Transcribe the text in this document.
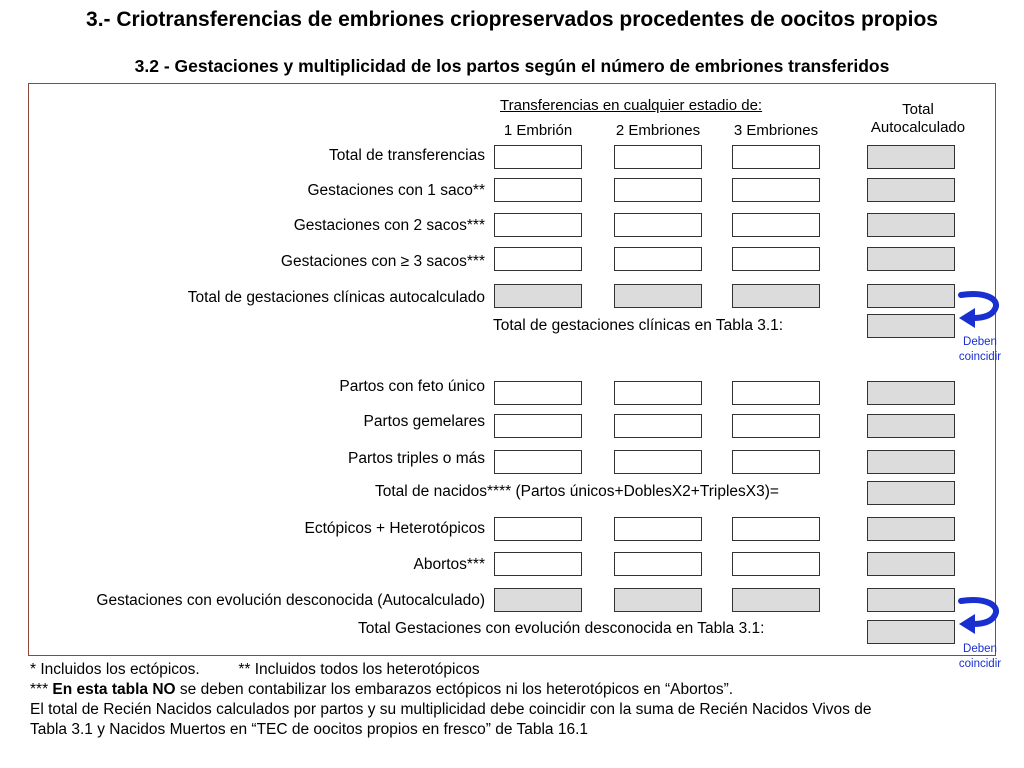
3.- Criotransferencias de embriones criopreservados procedentes de oocitos propios
3.2 - Gestaciones y multiplicidad de los partos según el número de embriones transferidos
Transferencias en cualquier estadio de:	Total
Autocalculado
1 Embrión	2 Embriones	3 Embriones
Total de transferencias
Gestaciones con 1 saco**
Gestaciones con 2 sacos***
Gestaciones con ≥ 3 sacos***
Total de gestaciones clínicas autocalculado
Total de gestaciones clínicas en Tabla 3.1:
Deben
coincidir
Partos con feto único
Partos gemelares
Partos triples o más
Total de nacidos**** (Partos únicos+DoblesX2+TriplesX3)=
Ectópicos + Heterotópicos
Abortos***
Gestaciones con evolución desconocida (Autocalculado)
Total Gestaciones con evolución desconocida en Tabla 3.1:
Deben
coincidir
* Incluidos los ectópicos. ** Incluidos todos los heterotópicos
*** En esta tabla NO se deben contabilizar los embarazos ectópicos ni los heterotópicos en “Abortos”.
El total de Recién Nacidos calculados por partos y su multiplicidad debe coincidir con la suma de Recién Nacidos Vivos de
Tabla 3.1 y Nacidos Muertos en “TEC de oocitos propios en fresco” de Tabla 16.1
